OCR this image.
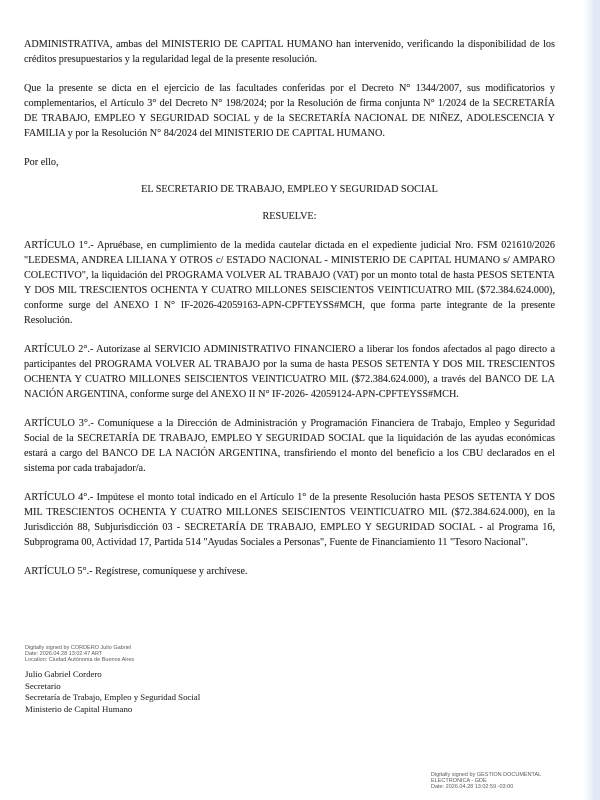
ADMINISTRATIVA, ambas del MINISTERIO DE CAPITAL HUMANO han intervenido, verificando la disponibilidad de los créditos presupuestarios y la regularidad legal de la presente resolución.

Que la presente se dicta en el ejercicio de las facultades conferidas por el Decreto N° 1344/2007, sus modificatorios y complementarios, el Artículo 3° del Decreto N° 198/2024; por la Resolución de firma conjunta N° 1/2024 de la SECRETARÍA DE TRABAJO, EMPLEO Y SEGURIDAD SOCIAL y de la SECRETARÍA NACIONAL DE NIÑEZ, ADOLESCENCIA Y FAMILIA y por la Resolución N° 84/2024 del MINISTERIO DE CAPITAL HUMANO.

Por ello,

EL SECRETARIO DE TRABAJO, EMPLEO Y SEGURIDAD SOCIAL

RESUELVE:

ARTÍCULO 1°.- Apruébase, en cumplimiento de la medida cautelar dictada en el expediente judicial Nro. FSM 021610/2026 "LEDESMA, ANDREA LILIANA Y OTROS c/ ESTADO NACIONAL - MINISTERIO DE CAPITAL HUMANO s/ AMPARO COLECTIVO", la liquidación del PROGRAMA VOLVER AL TRABAJO (VAT) por un monto total de hasta PESOS SETENTA Y DOS MIL TRESCIENTOS OCHENTA Y CUATRO MILLONES SEISCIENTOS VEINTICUATRO MIL ($72.384.624.000), conforme surge del ANEXO I N° IF-2026-42059163-APN-CPFTEYSS#MCH, que forma parte integrante de la presente Resolución.

ARTÍCULO 2°.- Autorízase al SERVICIO ADMINISTRATIVO FINANCIERO a liberar los fondos afectados al pago directo a participantes del PROGRAMA VOLVER AL TRABAJO por la suma de hasta PESOS SETENTA Y DOS MIL TRESCIENTOS OCHENTA Y CUATRO MILLONES SEISCIENTOS VEINTICUATRO MIL ($72.384.624.000), a través del BANCO DE LA NACIÓN ARGENTINA, conforme surge del ANEXO II N° IF-2026- 42059124-APN-CPFTEYSS#MCH.

ARTÍCULO 3°.- Comuníquese a la Dirección de Administración y Programación Financiera de Trabajo, Empleo y Seguridad Social de la SECRETARÍA DE TRABAJO, EMPLEO Y SEGURIDAD SOCIAL que la liquidación de las ayudas económicas estará a cargo del BANCO DE LA NACIÓN ARGENTINA, transfiriendo el monto del beneficio a los CBU declarados en el sistema por cada trabajador/a.

ARTÍCULO 4°.- Impútese el monto total indicado en el Artículo 1° de la presente Resolución hasta PESOS SETENTA Y DOS MIL TRESCIENTOS OCHENTA Y CUATRO MILLONES SEISCIENTOS VEINTICUATRO MIL ($72.384.624.000), en la Jurisdicción 88, Subjurisdicción 03 - SECRETARÍA DE TRABAJO, EMPLEO Y SEGURIDAD SOCIAL - al Programa 16, Subprograma 00, Actividad 17, Partida 514 "Ayudas Sociales a Personas", Fuente de Financiamiento 11 "Tesoro Nacional".

ARTÍCULO 5°.- Regístrese, comuníquese y archívese.

Digitally signed by CORDERO Julio Gabriel
Date: 2026.04.28 13:02:47 ART
Location: Ciudad Autónoma de Buenos Aires
Julio Gabriel Cordero
Secretario
Secretaría de Trabajo, Empleo y Seguridad Social
Ministerio de Capital Humano
Digitally signed by GESTION DOCUMENTAL
ELECTRONICA - GDE
Date: 2026.04.28 13:02:59 -03:00
